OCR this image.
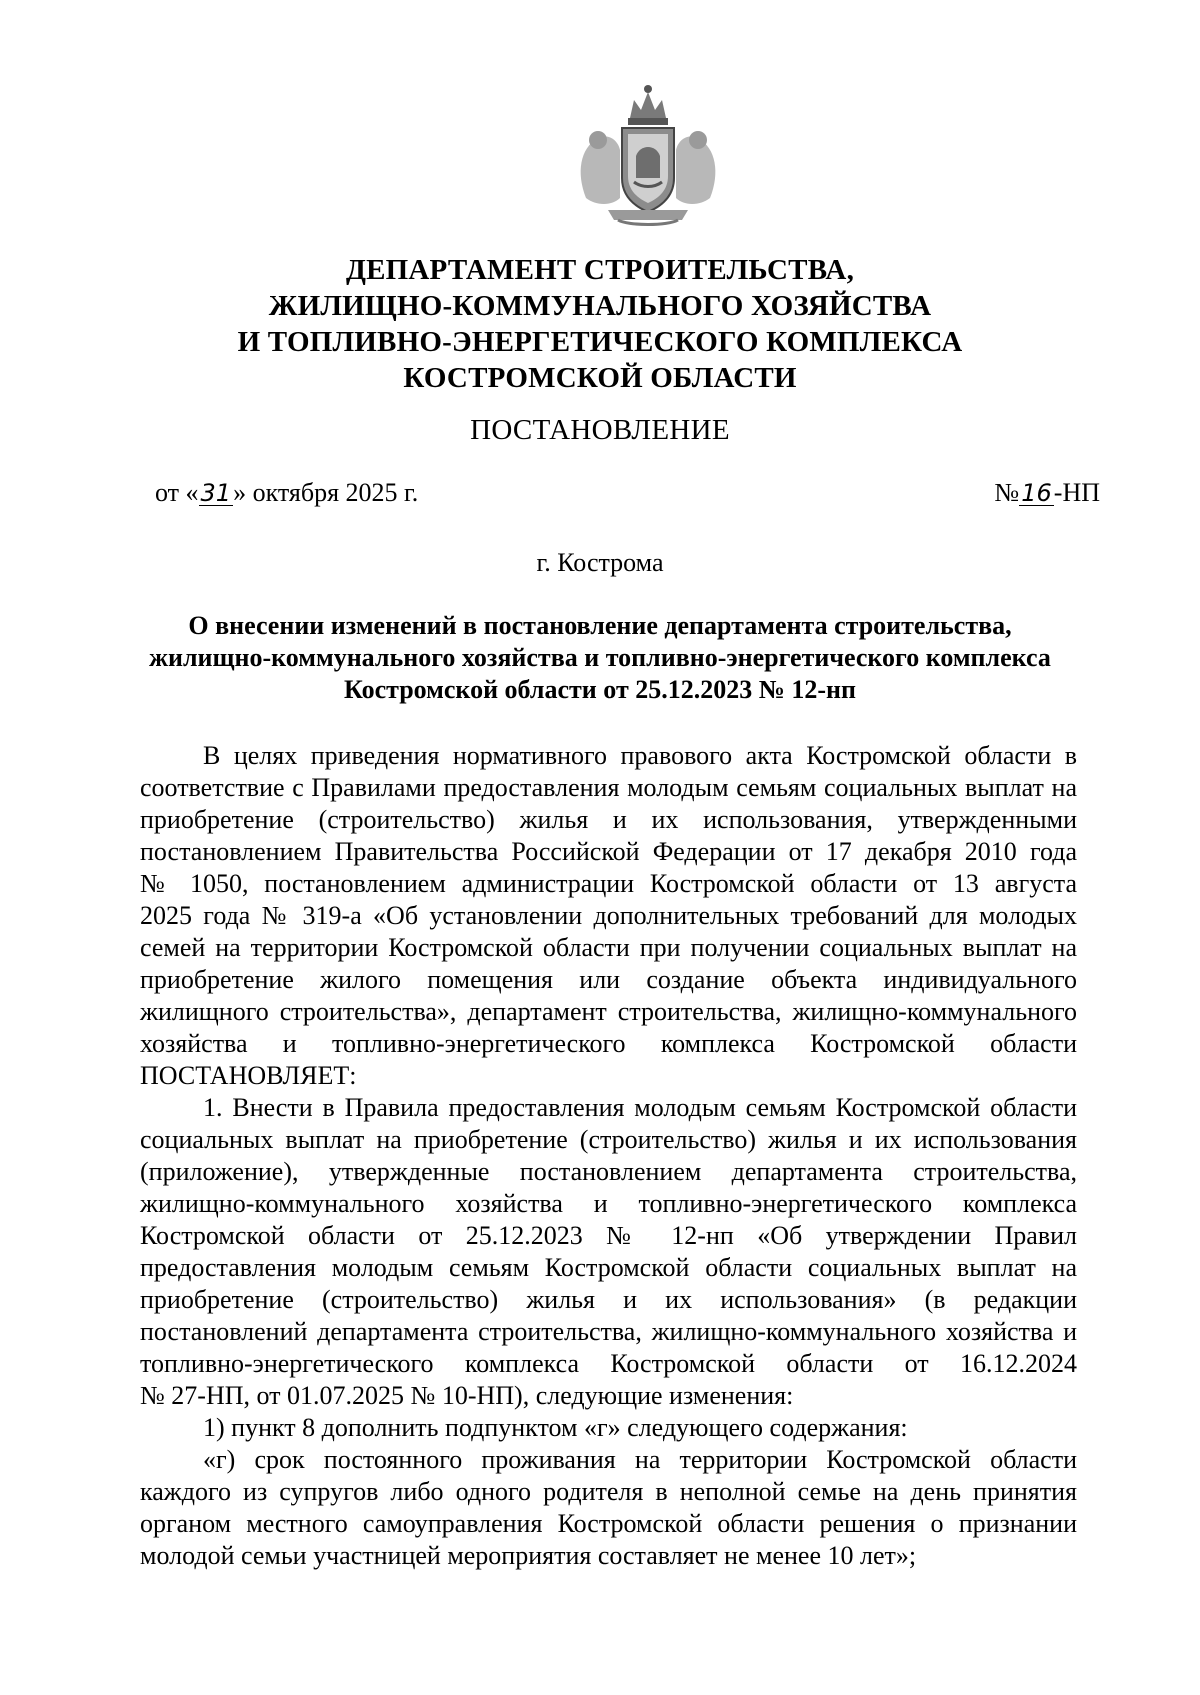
ДЕПАРТАМЕНТ СТРОИТЕЛЬСТВА,
ЖИЛИЩНО-КОММУНАЛЬНОГО ХОЗЯЙСТВА
И ТОПЛИВНО-ЭНЕРГЕТИЧЕСКОГО КОМПЛЕКСА
КОСТРОМСКОЙ ОБЛАСТИ
ПОСТАНОВЛЕНИЕ
от «31» октября 2025 г.	№16-НП
г. Кострома
О внесении изменений в постановление департамента строительства,
жилищно-коммунального хозяйства и топливно-энергетического комплекса
Костромской области от 25.12.2023 № 12-нп
В целях приведения нормативного правового акта Костромской области в
соответствие с Правилами предоставления молодым семьям социальных выплат на
приобретение (строительство) жилья и их использования, утвержденными
постановлением Правительства Российской Федерации от 17 декабря 2010 года
№ 1050, постановлением администрации Костромской области от 13 августа
2025 года № 319-а «Об установлении дополнительных требований для молодых
семей на территории Костромской области при получении социальных выплат на
приобретение жилого помещения или создание объекта индивидуального
жилищного строительства», департамент строительства, жилищно-коммунального
хозяйства и топливно-энергетического комплекса Костромской области
ПОСТАНОВЛЯЕТ:
1. Внести в Правила предоставления молодым семьям Костромской области
социальных выплат на приобретение (строительство) жилья и их использования
(приложение), утвержденные постановлением департамента строительства,
жилищно-коммунального хозяйства и топливно-энергетического комплекса
Костромской области от 25.12.2023 № 12-нп «Об утверждении Правил
предоставления молодым семьям Костромской области социальных выплат на
приобретение (строительство) жилья и их использования» (в редакции
постановлений департамента строительства, жилищно-коммунального хозяйства и
топливно-энергетического комплекса Костромской области от 16.12.2024
№ 27-НП, от 01.07.2025 № 10-НП), следующие изменения:
1) пункт 8 дополнить подпунктом «г» следующего содержания:
«г) срок постоянного проживания на территории Костромской области
каждого из супругов либо одного родителя в неполной семье на день принятия
органом местного самоуправления Костромской области решения о признании
молодой семьи участницей мероприятия составляет не менее 10 лет»;
